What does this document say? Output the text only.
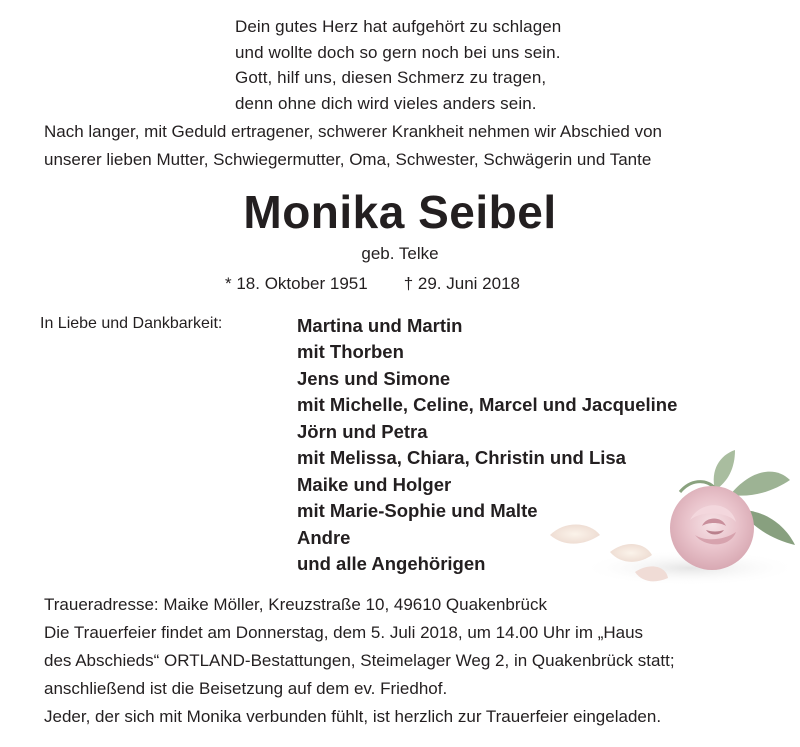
Dein gutes Herz hat aufgehört zu schlagen
und wollte doch so gern noch bei uns sein.
Gott, hilf uns, diesen Schmerz zu tragen,
denn ohne dich wird vieles anders sein.
Nach langer, mit Geduld ertragener, schwerer Krankheit nehmen wir Abschied von
unserer lieben Mutter, Schwiegermutter, Oma, Schwester, Schwägerin und Tante
Monika Seibel
geb. Telke
* 18. Oktober 1951 † 29. Juni 2018
In Liebe und Dankbarkeit:	Martina und Martin
mit Thorben
Jens und Simone
mit Michelle, Celine, Marcel und Jacqueline
Jörn und Petra
mit Melissa, Chiara, Christin und Lisa
Maike und Holger
mit Marie-Sophie und Malte
Andre
und alle Angehörigen
Traueradresse: Maike Möller, Kreuzstraße 10, 49610 Quakenbrück
Die Trauerfeier findet am Donnerstag, dem 5. Juli 2018, um 14.00 Uhr im „Haus
des Abschieds“ ORTLAND-Bestattungen, Steimelager Weg 2, in Quakenbrück statt;
anschließend ist die Beisetzung auf dem ev. Friedhof.
Jeder, der sich mit Monika verbunden fühlt, ist herzlich zur Trauerfeier eingeladen.
